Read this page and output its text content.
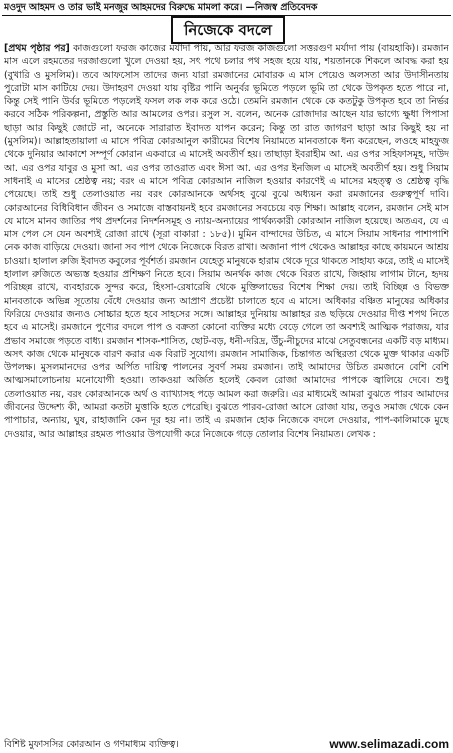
মওদুদ আহমদ ও তার ভাই মনজুর আহমদের বিরুদ্ধে মামলা করে। —নিজস্ব প্রতিবেদক
নিজেকে বদলে
[প্রথম পৃষ্ঠার পর] কাজগুলো ফরজ কাজের মর্যাদা পায়, আর ফরজ কাজগুলো সত্তরগুণ মর্যাদা পায় (বায়হাকি)। রমজান মাস এলে রহমতের দরজাগুলো খুলে দেওয়া হয়, সৎ পথে চলার পথ সহজ হয়ে যায়, শয়তানকে শিকলে আবদ্ধ করা হয় (বুখারি ও মুসলিম)। তবে আফসোস তাদের জন্য যারা রমজানের মোবারক এ মাস পেয়েও অলসতা আর উদাসীনতায় পুরোটা মাস কাটিয়ে দেয়। উদাহরণ দেওয়া যায় বৃষ্টির পানি অনুর্বর ভূমিতে পড়লে ভূমি তা থেকে উপকৃত হতে পারে না, কিন্তু সেই পানি উর্বর ভূমিতে পড়লেই ফসল লক লক করে ওঠে। তেমনি রমজান থেকে কে কতটুকু উপকৃত হবে তা নির্ভর করবে সঠিক পরিকল্পনা, প্রস্তুতি আর আমলের ওপর। রসুল স. বলেন, অনেক রোজাদার আছেন যার ভাগ্যে ক্ষুধা পিপাসা ছাড়া আর কিছুই জোটে না, অনেকে সারারাত ইবাদত যাপন করেন; কিন্তু তা রাত জাগরণ ছাড়া আর কিছুই হয় না (মুসলিম)। আল্লাহতায়ালা এ মাসে পবিত্র কোরআনুল কারীমের বিশেষ নিয়ামতে মানবতাকে ধন্য করেছেন, লওহে মাহফুজ থেকে দুনিয়ার আকাশে সম্পূর্ণ কোরান একবারে এ মাসেই অবতীর্ণ হয়। তাছাড়া ইবরাহীম আ. এর ওপর সহিফাসমূহ, দাউদ আ. এর ওপর যাবুর ও মুসা আ. এর ওপর তাওরাত এবং ঈসা আ. এর ওপর ইনজিল এ মাসেই অবতীর্ণ হয়। শুধু সিয়াম সাধনাই এ মাসের শ্রেষ্ঠত্ব নয়; বরং এ মাসে পবিত্র কোরআন নাজিল হওয়ার কারণেই এ মাসের মহত্ত্ব ও শ্রেষ্ঠত্ব বৃদ্ধি পেয়েছে। তাই শুধু তেলাওয়াত নয় বরং কোরআনকে অর্থসহ বুঝে বুঝে অধ্যয়ন করা রমজানের গুরুত্বপূর্ণ দাবি। কোরআনের বিধিবিধান জীবন ও সমাজে বাস্তবায়নই হবে রমজানের সবচেয়ে বড় শিক্ষা। আল্লাহ বলেন, রমজান সেই মাস যে মাসে মানব জাতির পথ প্রদর্শনের নিদর্শনসমূহ ও ন্যায়-অন্যায়ের পার্থক্যকারী কোরআন নাজিল হয়েছে। অতএব, যে এ মাস পেল সে যেন অবশ্যই রোজা রাখে (সূরা বাকারা : ১৮৫)। মুমিন বান্দাদের উচিত, এ মাসে সিয়াম সাধনার পাশাপাশি নেক কাজ বাড়িয়ে দেওয়া। জানা সব পাপ থেকে নিজেকে বিরত রাখা। অজানা পাপ থেকেও আল্লাহর কাছে কায়মনে আশ্রয় চাওয়া। হালাল রুজি ইবাদত কবুলের পূর্বশর্ত। রমজান যেহেতু মানুষকে হারাম থেকে দূরে থাকতে সাহায্য করে, তাই এ মাসেই হালাল রুজিতে অভ্যস্ত হওয়ার প্রশিক্ষণ নিতে হবে। সিয়াম অনর্থক কাজ থেকে বিরত রাখে, জিহ্বায় লাগাম টানে, হৃদয় পরিচ্ছন্ন রাখে, ব্যবহারকে সুন্দর করে, হিংসা-রেষারেষি থেকে মুক্তিলাভের বিশেষ শিক্ষা দেয়। তাই বিচ্ছিন্ন ও বিভক্ত মানবতাকে অভিন্ন সূতোয় বেঁধে দেওয়ার জন্য আপ্রাণ প্রচেষ্টা চালাতে হবে এ মাসে। অধিকার বঞ্চিত মানুষের অধিকার ফিরিয়ে দেওয়ার জন্যও সোচ্চার হতে হবে সাহসের সঙ্গে। আল্লাহর দুনিয়ায় আল্লাহর রঙ ছড়িয়ে দেওয়ার দীপ্ত শপথ নিতে হবে এ মাসেই। রমজানে পুণ্যের বদলে পাপ ও বক্রতা কোনো ব্যক্তির মধ্যে বেড়ে গেলে তা অবশ্যই আত্মিক পরাজয়, যার প্রভাব সমাজে পড়তে বাধ্য। রমজান শাসক-শাসিত, ছোট-বড়, ধনী-দরিদ্র, উঁচু-নীচুদের মাঝে সেতুবন্ধনের একটি বড় মাধ্যম। অসৎ কাজ থেকে মানুষকে বারণ করার এক বিরাট সুযোগ। রমজান সামাজিক, চিন্তাগত অস্থিরতা থেকে মুক্ত থাকার একটি উপলক্ষ। মুসলমানদের ওপর অর্পিত দায়িত্ব পালনের সুবর্ণ সময় রমজান। তাই আমাদের উচিত রমজানে বেশি বেশি আত্মসমালোচনায় মনোযোগী হওয়া। তাকওয়া অর্জিত হলেই কেবল রোজা আমাদের পাপকে জ্বালিয়ে দেবে। শুধু তেলাওয়াত নয়, বরং কোরআনকে অর্থ ও ব্যাখ্যাসহ পড়ে আমল করা জরুরি। এর মাধ্যমেই আমরা বুঝতে পারব আমাদের জীবনের উদ্দেশ্য কী, আমরা কতটা মুত্তাকি হতে পেরেছি। বুঝতে পারব-রোজা আসে রোজা যায়, তবুও সমাজ থেকে কেন পাপাচার, অন্যায়, ঘুষ, রাহাজানি কেন দূর হয় না। তাই এ রমজান হোক নিজেকে বদলে দেওয়ার, পাপ-কালিমাকে মুছে দেওয়ার, আর আল্লাহর রহমত পাওয়ার উপযোগী করে নিজেকে গড়ে তোলার বিশেষ নিয়ামত। লেখক :
বিশিষ্ট মুফাসসির কোরআন ও গণমাধ্যম ব্যক্তিত্ব।	www.selimazadi.com
